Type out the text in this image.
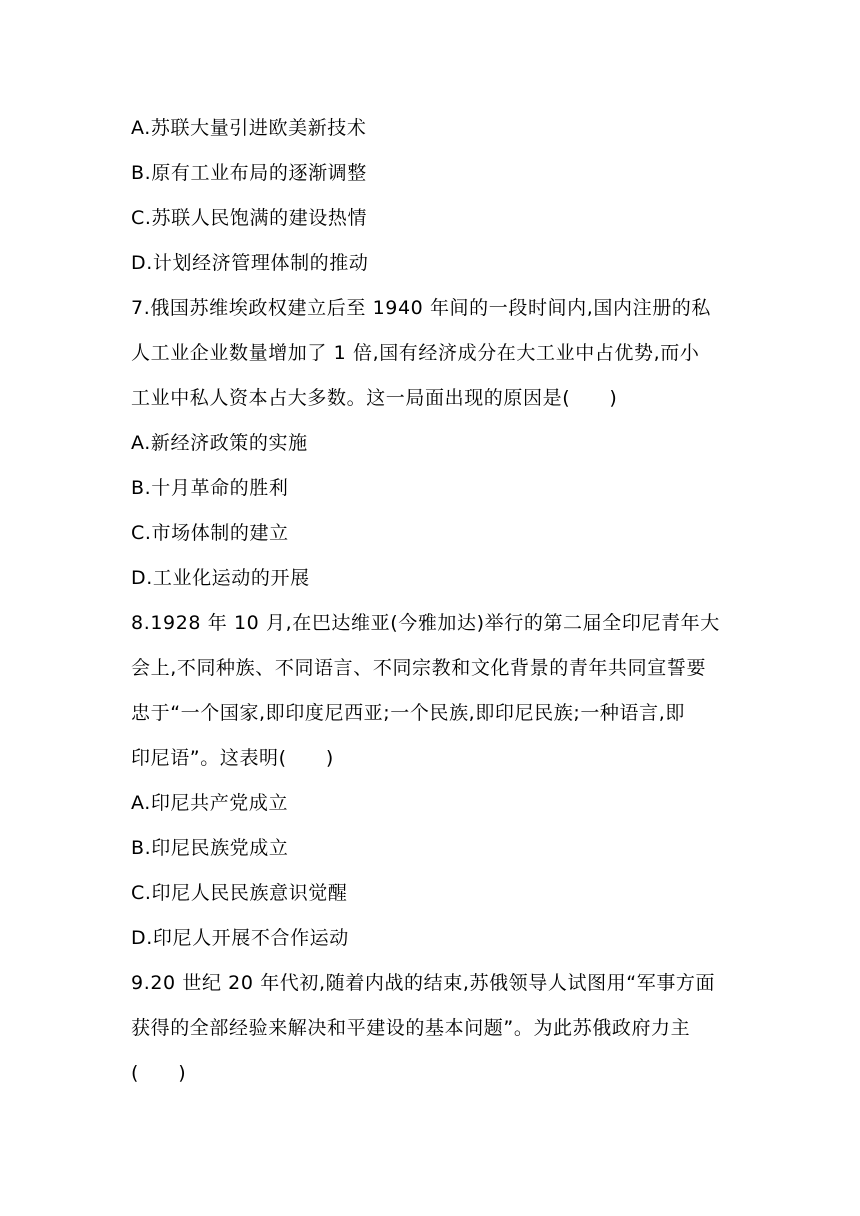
A.苏联大量引进欧美新技术
B.原有工业布局的逐渐调整
C.苏联人民饱满的建设热情
D.计划经济管理体制的推动
7.俄国苏维埃政权建立后至 1940 年间的一段时间内,国内注册的私
人工业企业数量增加了 1 倍,国有经济成分在大工业中占优势,而小
工业中私人资本占大多数。这一局面出现的原因是(　　)
A.新经济政策的实施
B.十月革命的胜利
C.市场体制的建立
D.工业化运动的开展
8.1928 年 10 月,在巴达维亚(今雅加达)举行的第二届全印尼青年大
会上,不同种族、不同语言、不同宗教和文化背景的青年共同宣誓要
忠于“一个国家,即印度尼西亚;一个民族,即印尼民族;一种语言,即
印尼语”。这表明(　　)
A.印尼共产党成立
B.印尼民族党成立
C.印尼人民民族意识觉醒
D.印尼人开展不合作运动
9.20 世纪 20 年代初,随着内战的结束,苏俄领导人试图用“军事方面
获得的全部经验来解决和平建设的基本问题”。为此苏俄政府力主
(　　)
